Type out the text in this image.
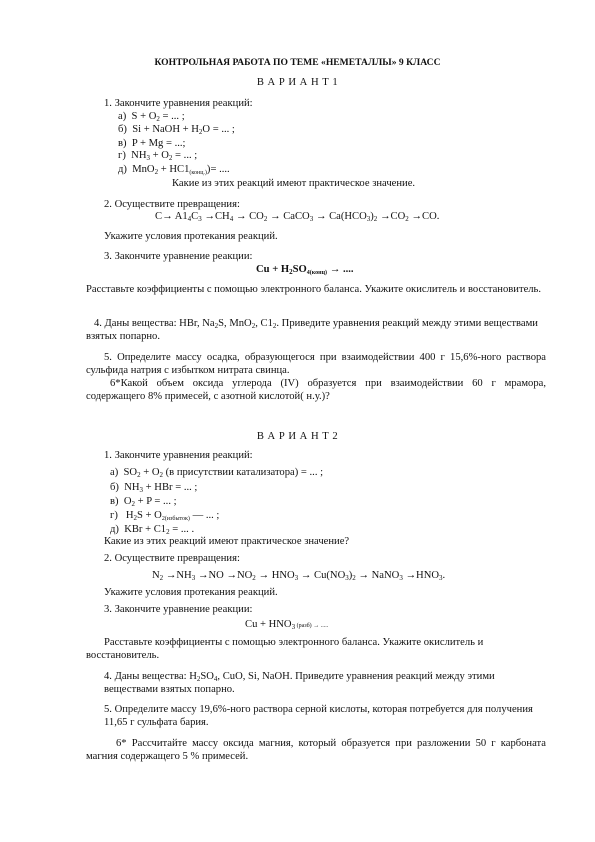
КОНТРОЛЬНАЯ РАБОТА ПО ТЕМЕ «НЕМЕТАЛЛЫ» 9 КЛАСС
В А Р И А Н Т 1
1. Закончите уравнения реакций:
а) $S + O_2$ = ... ;
б) Si + NaOH + $H_2O$ = ... ;
в) P + Mg = ...;
г) $NH_3 + O_2$ = ... ;
д) $MnO_2 + HC1_{(конц.)})=$ ....
Какие из этих реакций имеют практическое значение.
2. Осуществите превращения:
$C\to A1_4C_3 \to CH_4 \to CO_2$ → CaCO$_3$ → $Ca(HCO_3)_2 \to CO_2 \to CO$.
Укажите условия протекания реакций.
3. Закончите уравнение реакции:
$Cu + H_2SO_{4(конц)}$ → ....
Расставьте коэффициенты с помощью электронного баланса. Укажите окислитель и восстановитель.
4. Даны вещества: HBr, $Na_2S$, MnO$_2$, $C1_2$. Приведите уравнения реакций между этими веществами взятых попарно.
5. Определите массу осадка, образующегося при взаимодействии 400 г 15,6%-ного раствора сульфида натрия с избытком нитрата свинца.
6*Какой объем оксида углерода (IV) образуется при взаимодействии 60 г мрамора, содержащего 8% примесей, с азотной кислотой( н.у.)?
В А Р И А Н Т 2
1. Закончите уравнения реакций:
а) $SO_2 + O_2$ (в присутствии катализатора) = ... ;
б) $NH_3$ + HBr = ... ;
в) $O_2 + P$ = ... ;
г) $H_2S + O_{2(избыток)}$ — ... ;
д) KBr + $C1_2$ = ... .
Какие из этих реакций имеют практическое значение?
2. Осуществите превращения:
$N_2 \to NH_3 \to NO \to NO_2 \to HNO_3 \to Cu(NO_3)_2$ → NaNO$_3$ $\to HNO_3$.
Укажите условия протекания реакций.
3. Закончите уравнение реакции:
$Cu + HNO_3$ (разб) → .....
Расставьте коэффициенты с помощью электронного баланса. Укажите окислитель и восстановитель.
4. Даны вещества: $H_2SO_4$, CuO, Si, NaOH. Приведите уравнения реакций между этими веществами взятых попарно.
5. Определите массу 19,6%-ного раствора серной кислоты, которая потребуется для получения 11,65 г сульфата бария.
6* Рассчитайте массу оксида магния, который образуется при разложении 50 г карбоната магния содержащего 5 % примесей.
